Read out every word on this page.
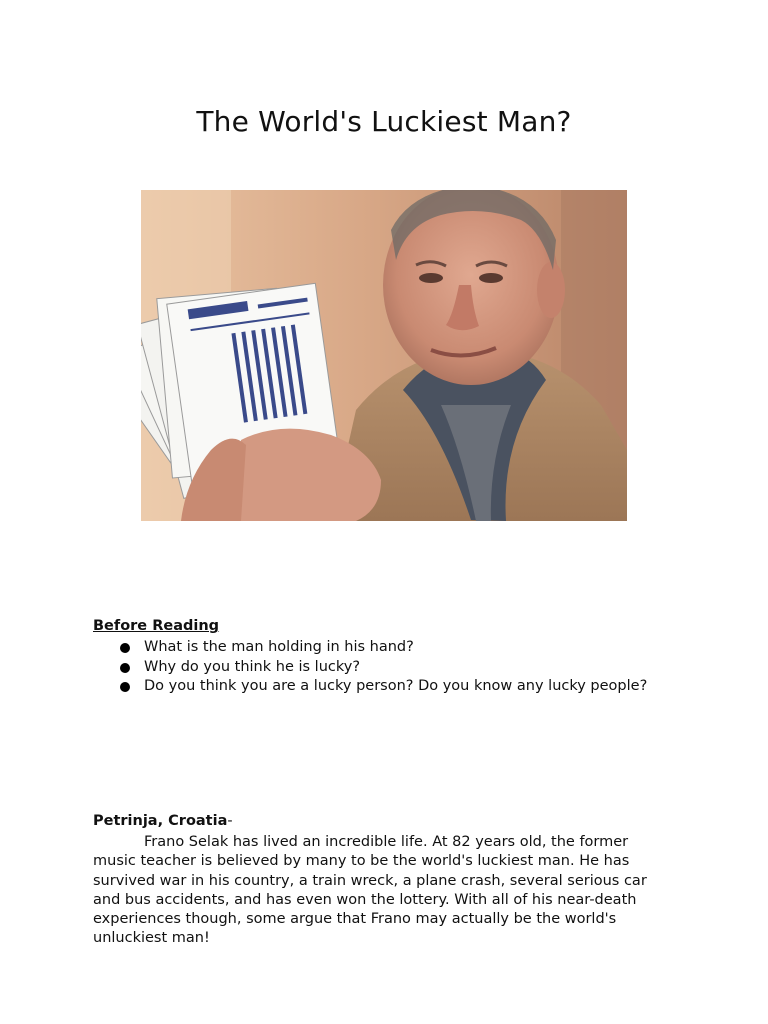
The World's Luckiest Man?
Before Reading
What is the man holding in his hand?
Why do you think he is lucky?
Do you think you are a lucky person? Do you know any lucky people?
Petrinja, Croatia-

Frano Selak has lived an incredible life. At 82 years old, the former music teacher is believed by many to be the world's luckiest man. He has survived war in his country, a train wreck, a plane crash, several serious car and bus accidents, and has even won the lottery. With all of his near-death experiences though, some argue that Frano may actually be the world's unluckiest man!
